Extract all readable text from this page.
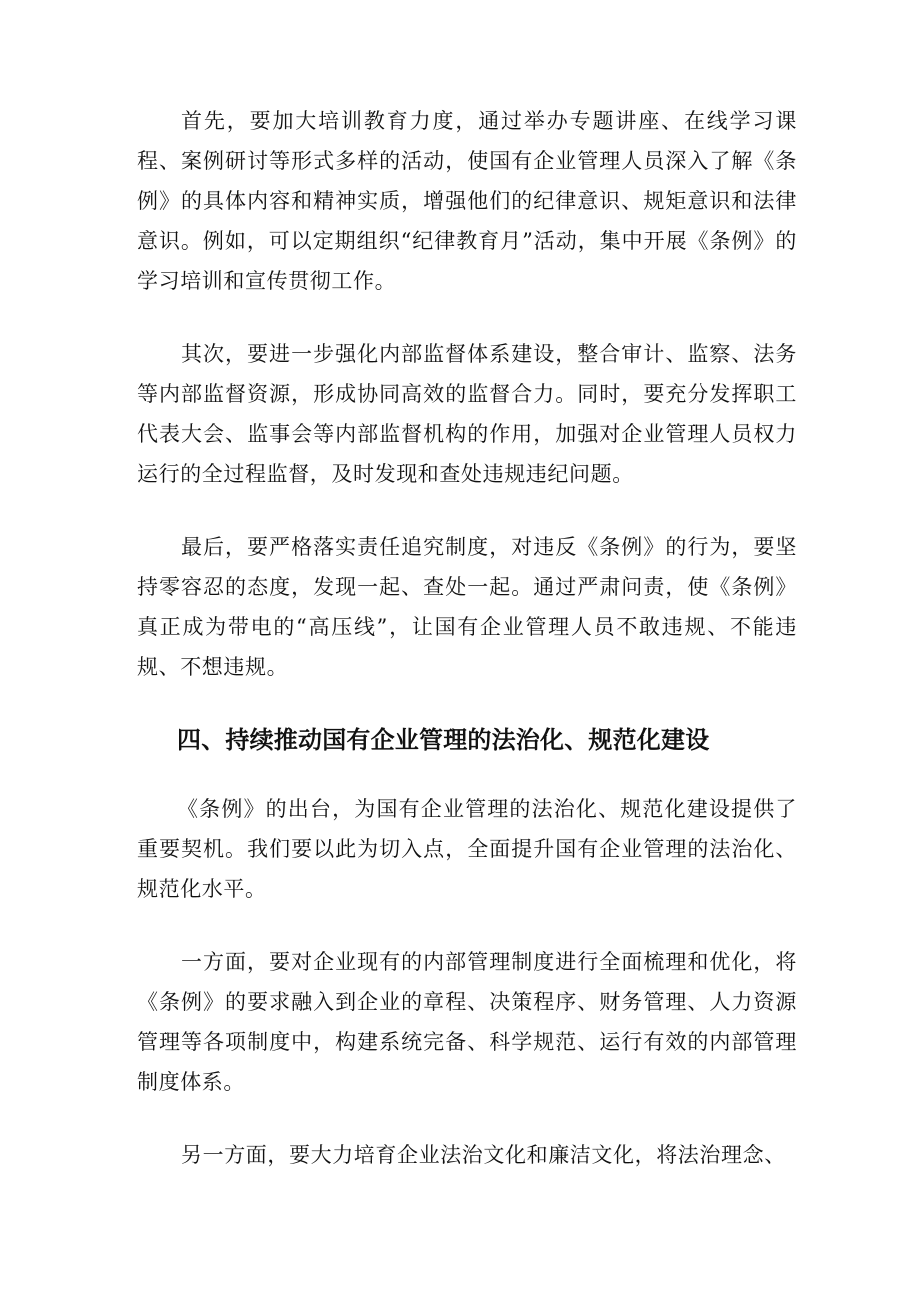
首先，要加大培训教育力度，通过举办专题讲座、在线学习课程、案例研讨等形式多样的活动，使国有企业管理人员深入了解《条例》的具体内容和精神实质，增强他们的纪律意识、规矩意识和法律意识。例如，可以定期组织“纪律教育月”活动，集中开展《条例》的学习培训和宣传贯彻工作。

其次，要进一步强化内部监督体系建设，整合审计、监察、法务等内部监督资源，形成协同高效的监督合力。同时，要充分发挥职工代表大会、监事会等内部监督机构的作用，加强对企业管理人员权力运行的全过程监督，及时发现和查处违规违纪问题。

最后，要严格落实责任追究制度，对违反《条例》的行为，要坚持零容忍的态度，发现一起、查处一起。通过严肃问责，使《条例》真正成为带电的“高压线”，让国有企业管理人员不敢违规、不能违规、不想违规。

四、持续推动国有企业管理的法治化、规范化建设

《条例》的出台，为国有企业管理的法治化、规范化建设提供了重要契机。我们要以此为切入点，全面提升国有企业管理的法治化、规范化水平。

一方面，要对企业现有的内部管理制度进行全面梳理和优化，将《条例》的要求融入到企业的章程、决策程序、财务管理、人力资源管理等各项制度中，构建系统完备、科学规范、运行有效的内部管理制度体系。

另一方面，要大力培育企业法治文化和廉洁文化，将法治理念、
